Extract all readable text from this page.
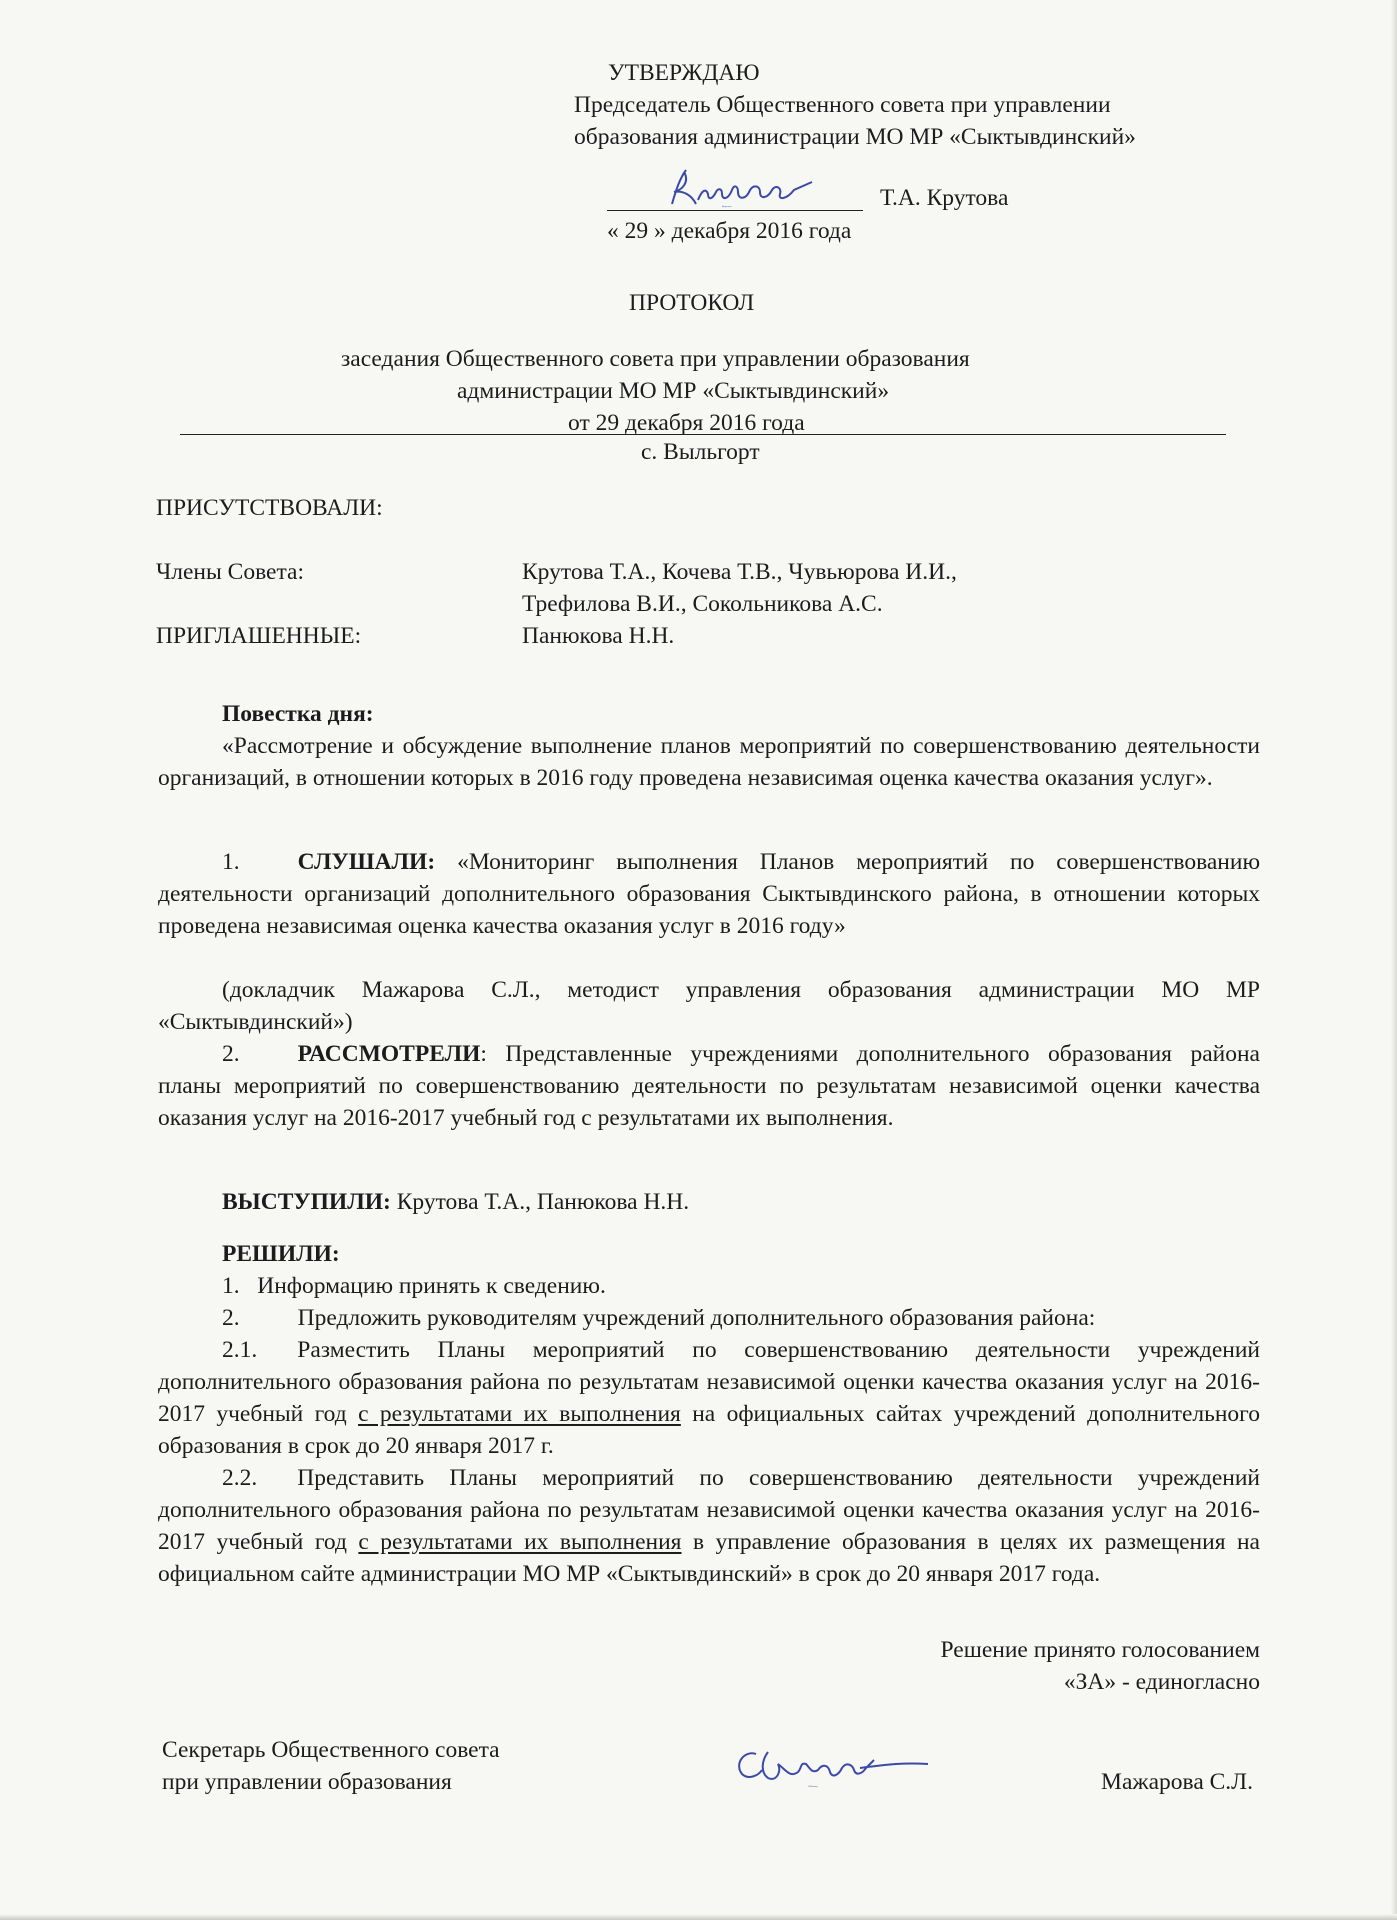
УТВЕРЖДАЮ
Председатель Общественного совета при управлении
образования администрации МО МР «Сыктывдинский»
Крутова	Т.А. Крутова
« 29 » декабря 2016 года
ПРОТОКОЛ
заседания Общественного совета при управлении образования
администрации МО МР «Сыктывдинский»
от 29 декабря 2016 года
с. Выльгорт
ПРИСУТСТВОВАЛИ:
Члены Совета:	Крутова Т.А., Кочева Т.В., Чувьюрова И.И.,
Трефилова В.И., Сокольникова А.С.
ПРИГЛАШЕННЫЕ:	Панюкова Н.Н.
Повестка дня:
«Рассмотрение и обсуждение выполнение планов мероприятий по совершенствованию деятельности организаций, в отношении которых в 2016 году проведена независимая оценка качества оказания услуг».
1. СЛУШАЛИ: «Мониторинг выполнения Планов мероприятий по совершенствованию деятельности организаций дополнительного образования Сыктывдинского района, в отношении которых проведена независимая оценка качества оказания услуг в 2016 году»
(докладчик Мажарова С.Л., методист управления образования администрации МО МР «Сыктывдинский»)
2. РАССМОТРЕЛИ: Представленные учреждениями дополнительного образования района планы мероприятий по совершенствованию деятельности по результатам независимой оценки качества оказания услуг на 2016-2017 учебный год с результатами их выполнения.
ВЫСТУПИЛИ: Крутова Т.А., Панюкова Н.Н.
РЕШИЛИ:
1. Информацию принять к сведению.
2. Предложить руководителям учреждений дополнительного образования района:
2.1. Разместить Планы мероприятий по совершенствованию деятельности учреждений дополнительного образования района по результатам независимой оценки качества оказания услуг на 2016-2017 учебный год с результатами их выполнения на официальных сайтах учреждений дополнительного образования в срок до 20 января 2017 г.
2.2. Представить Планы мероприятий по совершенствованию деятельности учреждений дополнительного образования района по результатам независимой оценки качества оказания услуг на 2016-2017 учебный год с результатами их выполнения в управление образования в целях их размещения на официальном сайте администрации МО МР «Сыктывдинский» в срок до 20 января 2017 года.
Решение принято голосованием
«ЗА» - единогласно
Секретарь Общественного совета
при управлении образования	СМажар	Мажарова С.Л.
